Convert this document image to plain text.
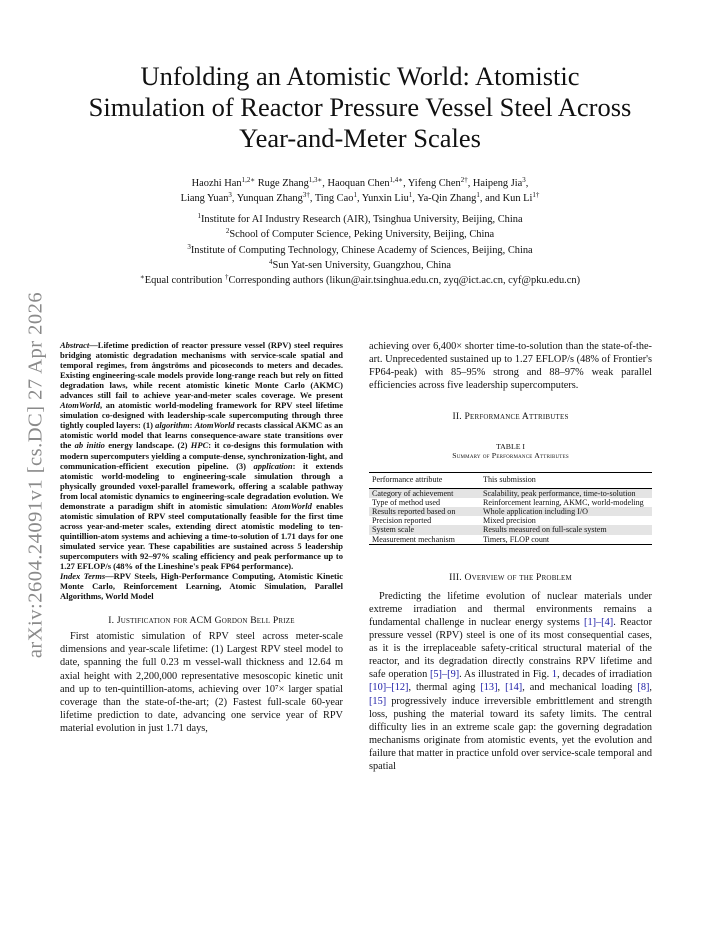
arXiv:2604.24091v1 [cs.DC] 27 Apr 2026
Unfolding an Atomistic World: Atomistic
Simulation of Reactor Pressure Vessel Steel Across
Year-and-Meter Scales
Haozhi Han$^{1,2∗}$ Ruge Zhang$^{1,3∗}$, Haoquan Chen$^{1,4∗}$, Yifeng Chen$^{2\dagger}$, Haipeng Jia$^3$,
Liang Yuan$^3$, Yunquan Zhang$^{3\dagger}$, Ting Cao$^1$, Yunxin Liu$^1$, Ya-Qin Zhang$^1$, and Kun $Li^{1\dagger}$
$^1$Institute for AI Industry Research (AIR), Tsinghua University, Beijing, China
$^2$School of Computer Science, Peking University, Beijing, China
$^3$Institute of Computing Technology, Chinese Academy of Sciences, Beijing, China
$^4$Sun Yat-sen University, Guangzhou, China
∗Equal contribution †Corresponding authors (likun@air.tsinghua.edu.cn, zyq@ict.ac.cn, cyf@pku.edu.cn)
Abstract—Lifetime prediction of reactor pressure vessel (RPV) steel requires bridging atomistic degradation mechanisms with service-scale spatial and temporal regimes, from ångströms and picoseconds to meters and decades. Existing engineering-scale models provide long-range reach but rely on fitted degradation laws, while recent atomistic kinetic Monte Carlo (AKMC) advances still fail to achieve year-and-meter scales coverage. We present AtomWorld, an atomistic world-modeling framework for RPV steel lifetime simulation co-designed with leadership-scale supercomputing through three tightly coupled layers: (1) algorithm: AtomWorld recasts classical AKMC as an atomistic world model that learns consequence-aware state transitions over the ab initio energy landscape. (2) HPC: it co-designs this formulation with modern supercomputers yielding a compute-dense, synchronization-light, and communication-efficient execution pipeline. (3) application: it extends atomistic world-modeling to engineering-scale simulation through a physically grounded voxel-parallel framework, offering a scalable pathway from local atomistic dynamics to engineering-scale degradation evolution. We demonstrate a paradigm shift in atomistic simulation: AtomWorld enables atomistic simulation of RPV steel computationally feasible for the first time across year-and-meter scales, extending direct atomistic modeling to ten-quintillion-atom systems and achieving a time-to-solution of 1.71 days for one simulated service year. These capabilities are sustained across 5 leadership supercomputers with 92–97% scaling efficiency and peak performance up to 1.27 EFLOP/s (48% of the Lineshine's peak FP64 performance).
Index Terms—RPV Steels, High-Performance Computing, Atomistic Kinetic Monte Carlo, Reinforcement Learning, Atomic Simulation, Parallel Algorithms, World Model
I. Justification for ACM Gordon Bell Prize
First atomistic simulation of RPV steel across meter-scale dimensions and year-scale lifetime: (1) Largest RPV steel model to date, spanning the full 0.23 m vessel-wall thickness and 12.64 m axial height with 2,200,000 representative mesoscopic kinetic unit and up to ten-quintillion-atoms, achieving over 10⁷× larger spatial coverage than the state-of-the-art; (2) Fastest full-scale 60-year lifetime prediction to date, advancing one service year of RPV material evolution in just 1.71 days,
achieving over 6,400× shorter time-to-solution than the state-of-the-art. Unprecedented sustained up to 1.27 EFLOP/s (48% of Frontier's FP64-peak) with 85–95% strong and 88–97% weak parallel efficiencies across five leadership supercomputers.
II. Performance Attributes
TABLE I
Summary of Performance Attributes
Performance attribute	This submission
Category of achievement	Scalability, peak performance, time-to-solution
Type of method used	Reinforcement learning, AKMC, world-modeling
Results reported based on	Whole application including I/O
Precision reported	Mixed precision
System scale	Results measured on full-scale system
Measurement mechanism	Timers, FLOP count
III. Overview of the Problem
Predicting the lifetime evolution of nuclear materials under extreme irradiation and thermal environments remains a fundamental challenge in nuclear energy systems [1]–[4]. Reactor pressure vessel (RPV) steel is one of its most consequential cases, as it is the irreplaceable safety-critical structural material of the reactor, and its degradation directly constrains RPV lifetime and safe operation [5]–[9]. As illustrated in Fig. 1, decades of irradiation [10]–[12], thermal aging [13], [14], and mechanical loading [8], [15] progressively induce irreversible embrittlement and strength loss, pushing the material toward its safety limits. The central difficulty lies in an extreme scale gap: the governing degradation mechanisms originate from atomistic events, yet the evolution and failure that matter in practice unfold over service-scale temporal and spatial
